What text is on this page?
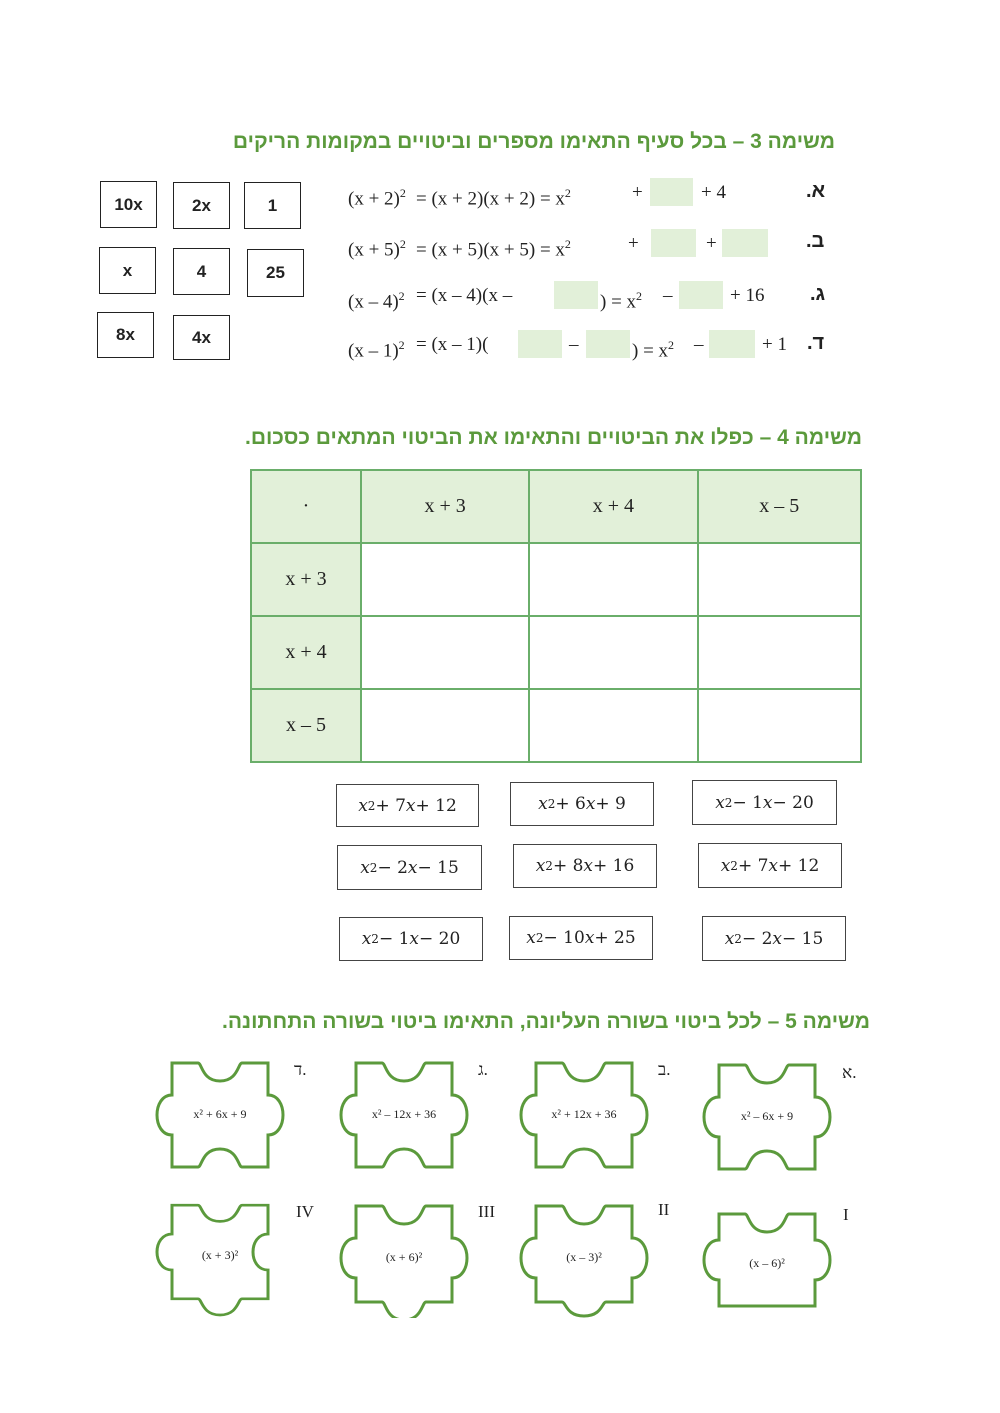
משימה 3 – בכל סעיף התאימו מספרים וביטויים במקומות הריקים
10x	2x	1
x	4	25
8x	4x
$(x + 2)^2 = (x + 2)(x + 2) = x^2$	+	+ 4	א.
$(x + 5)^2 = (x + 5)(x + 5) = x^2$	+	+	ב.
(x – 4)$^2$ = (x – 4)(x –	) = $x^2$ –	+ 16 ג.
(x – 1)$^2$ = (x – 1)(	–	) = $x^2$ –	+ 1 ד.
משימה 4 – כפלו את הביטויים והתאימו את הביטוי המתאים כסכום.
·	x + 3	x + 4	x – 5
x + 3			
x + 4			
x – 5			
x 2 + 7 x + 12	x 2 + 6 x + 9	x 2 − 1 x − 20
x 2 − 2 x − 15	x 2 + 8 x + 16	x 2 + 7 x + 12
x 2 − 1 x − 20	x 2 − 10 x + 25	x 2 − 2 x − 15
משימה 5 – לכל ביטוי בשורה העליונה, התאימו ביטוי בשורה התחתונה.
x² + 6x + 9
ד.
x² – 12x + 36
ג.
x² + 12x + 36
ב.
x² – 6x + 9
א.
(x + 3)²
IV
(x + 6)²
III
(x – 3)²
II
(x – 6)²
I
